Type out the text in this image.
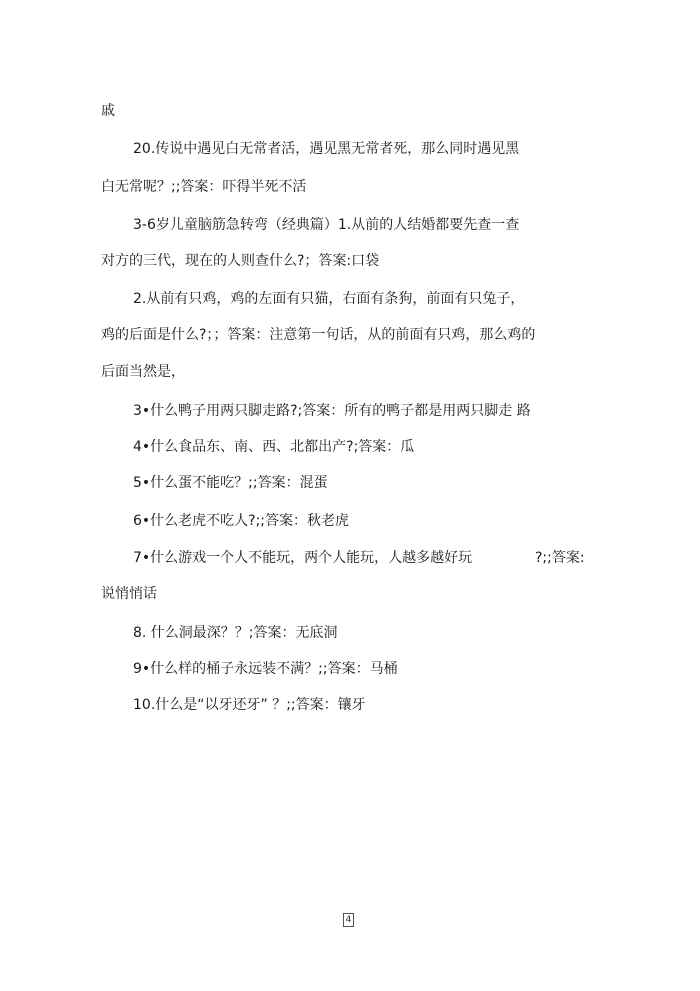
戚
20.传说中遇见白无常者活，遇见黑无常者死，那么同时遇见黑
白无常呢？;;答案：吓得半死不活
3-6岁儿童脑筋急转弯（经典篇）1.从前的人结婚都要先查一查
对方的三代，现在的人则查什么?；答案:口袋
2.从前有只鸡，鸡的左面有只猫，右面有条狗，前面有只兔子，
鸡的后面是什么?；；答案：注意第一句话，从的前面有只鸡，那么鸡的
后面当然是，
3•什么鸭子用两只脚走路?;答案：所有的鸭子都是用两只脚走 路
4•什么食品东、南、西、北都出产?;答案：瓜
5•什么蛋不能吃？;;答案：混蛋
6•什么老虎不吃人?;;答案：秋老虎
7•什么游戏一个人不能玩，两个人能玩，人越多越好玩	?;;答案:
说悄悄话
8. 什么洞最深？？;答案：无底洞
9•什么样的桶子永远装不满？;;答案：马桶
10.什么是“以牙还牙” ？;;答案：镶牙
4
